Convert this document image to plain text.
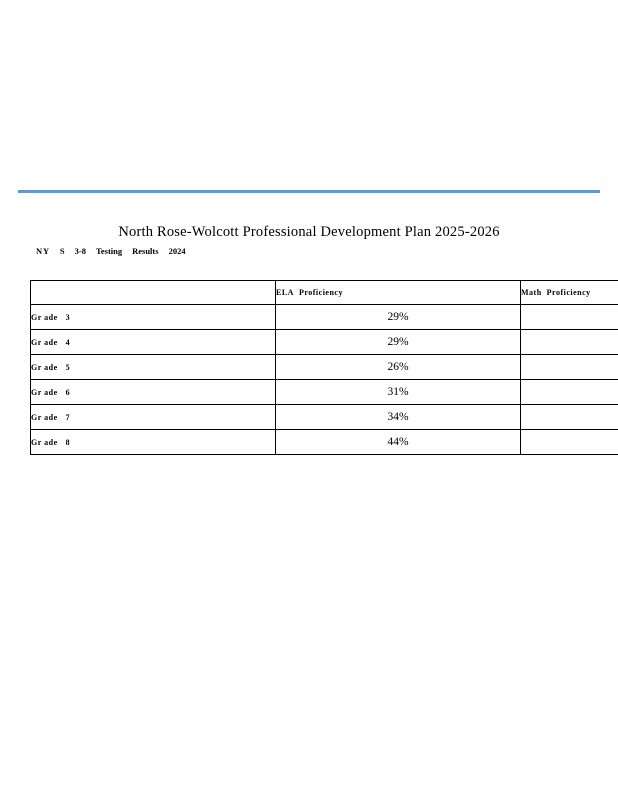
North Rose-Wolcott Professional Development Plan 2025-2026
NY S 3-8 Testing Results 2024
	ELA Proficiency	Math Proficiency
Gr ade 3	29%	
Gr ade 4	29%	
Gr ade 5	26%	
Gr ade 6	31%	
Gr ade 7	34%	
Gr ade 8	44%	
